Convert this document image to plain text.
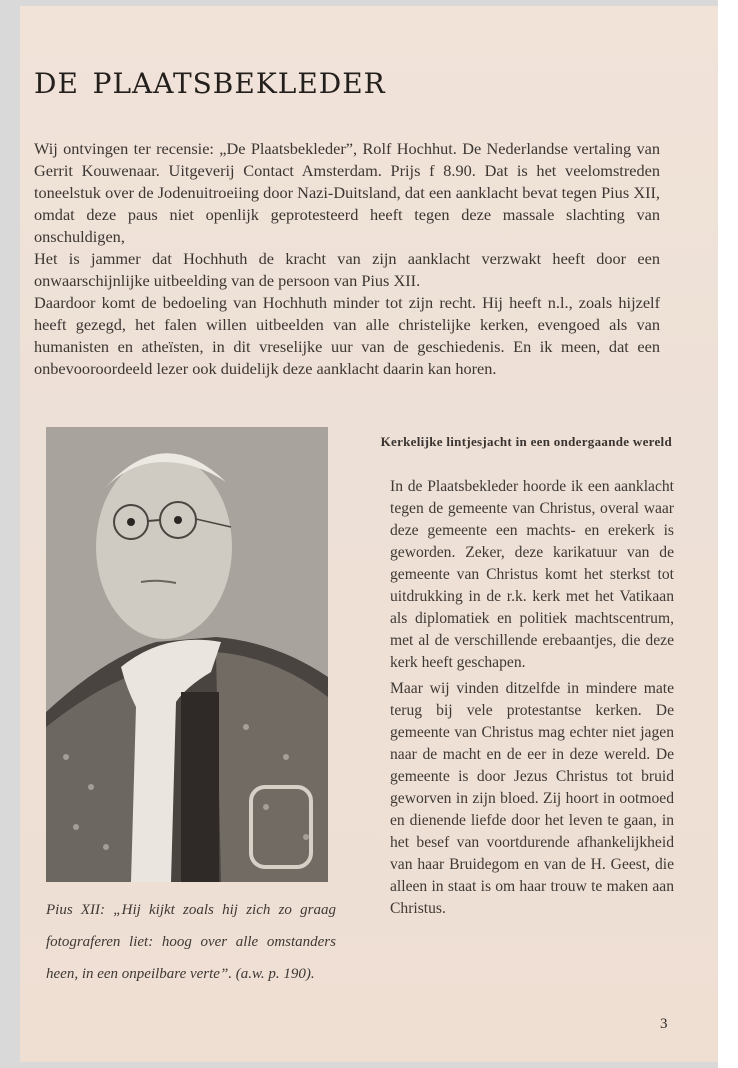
de plaatsbekleder

Wij ontvingen ter recensie: „De Plaatsbekleder”, Rolf Hochhut. De Nederlandse vertaling van Gerrit Kouwenaar. Uitgeverij Contact Amsterdam. Prijs f 8.90. Dat is het veelomstreden toneelstuk over de Jodenuitroeiing door Nazi-Duitsland, dat een aanklacht bevat tegen Pius XII, omdat deze paus niet openlijk geprotesteerd heeft tegen deze massale slachting van onschuldigen,

Het is jammer dat Hochhuth de kracht van zijn aanklacht verzwakt heeft door een onwaarschijnlijke uitbeelding van de persoon van Pius XII.

Daardoor komt de bedoeling van Hochhuth minder tot zijn recht. Hij heeft n.l., zoals hijzelf heeft gezegd, het falen willen uitbeelden van alle christelijke kerken, evengoed als van humanisten en atheïsten, in dit vreselijke uur van de geschiedenis. En ik meen, dat een onbevooroordeeld lezer ook duidelijk deze aanklacht daarin kan horen.

Pius XII: „Hij kijkt zoals hij zich zo graag fotograferen liet: hoog over alle omstanders heen, in een onpeilbare verte”. (a.w. p. 190).

Kerkelijke lintjesjacht in een ondergaande wereld

In de Plaatsbekleder hoorde ik een aanklacht tegen de gemeente van Christus, overal waar deze gemeente een machts- en erekerk is geworden. Zeker, deze karikatuur van de gemeente van Christus komt het sterkst tot uitdrukking in de r.k. kerk met het Vatikaan als diplomatiek en politiek machtscentrum, met al de verschillende erebaantjes, die deze kerk heeft geschapen.

Maar wij vinden ditzelfde in mindere mate terug bij vele protestantse kerken. De gemeente van Christus mag echter niet jagen naar de macht en de eer in deze wereld. De gemeente is door Jezus Christus tot bruid geworven in zijn bloed. Zij hoort in ootmoed en dienende liefde door het leven te gaan, in het besef van voortdurende afhankelijkheid van haar Bruidegom en van de H. Geest, die alleen in staat is om haar trouw te maken aan Christus.

3
